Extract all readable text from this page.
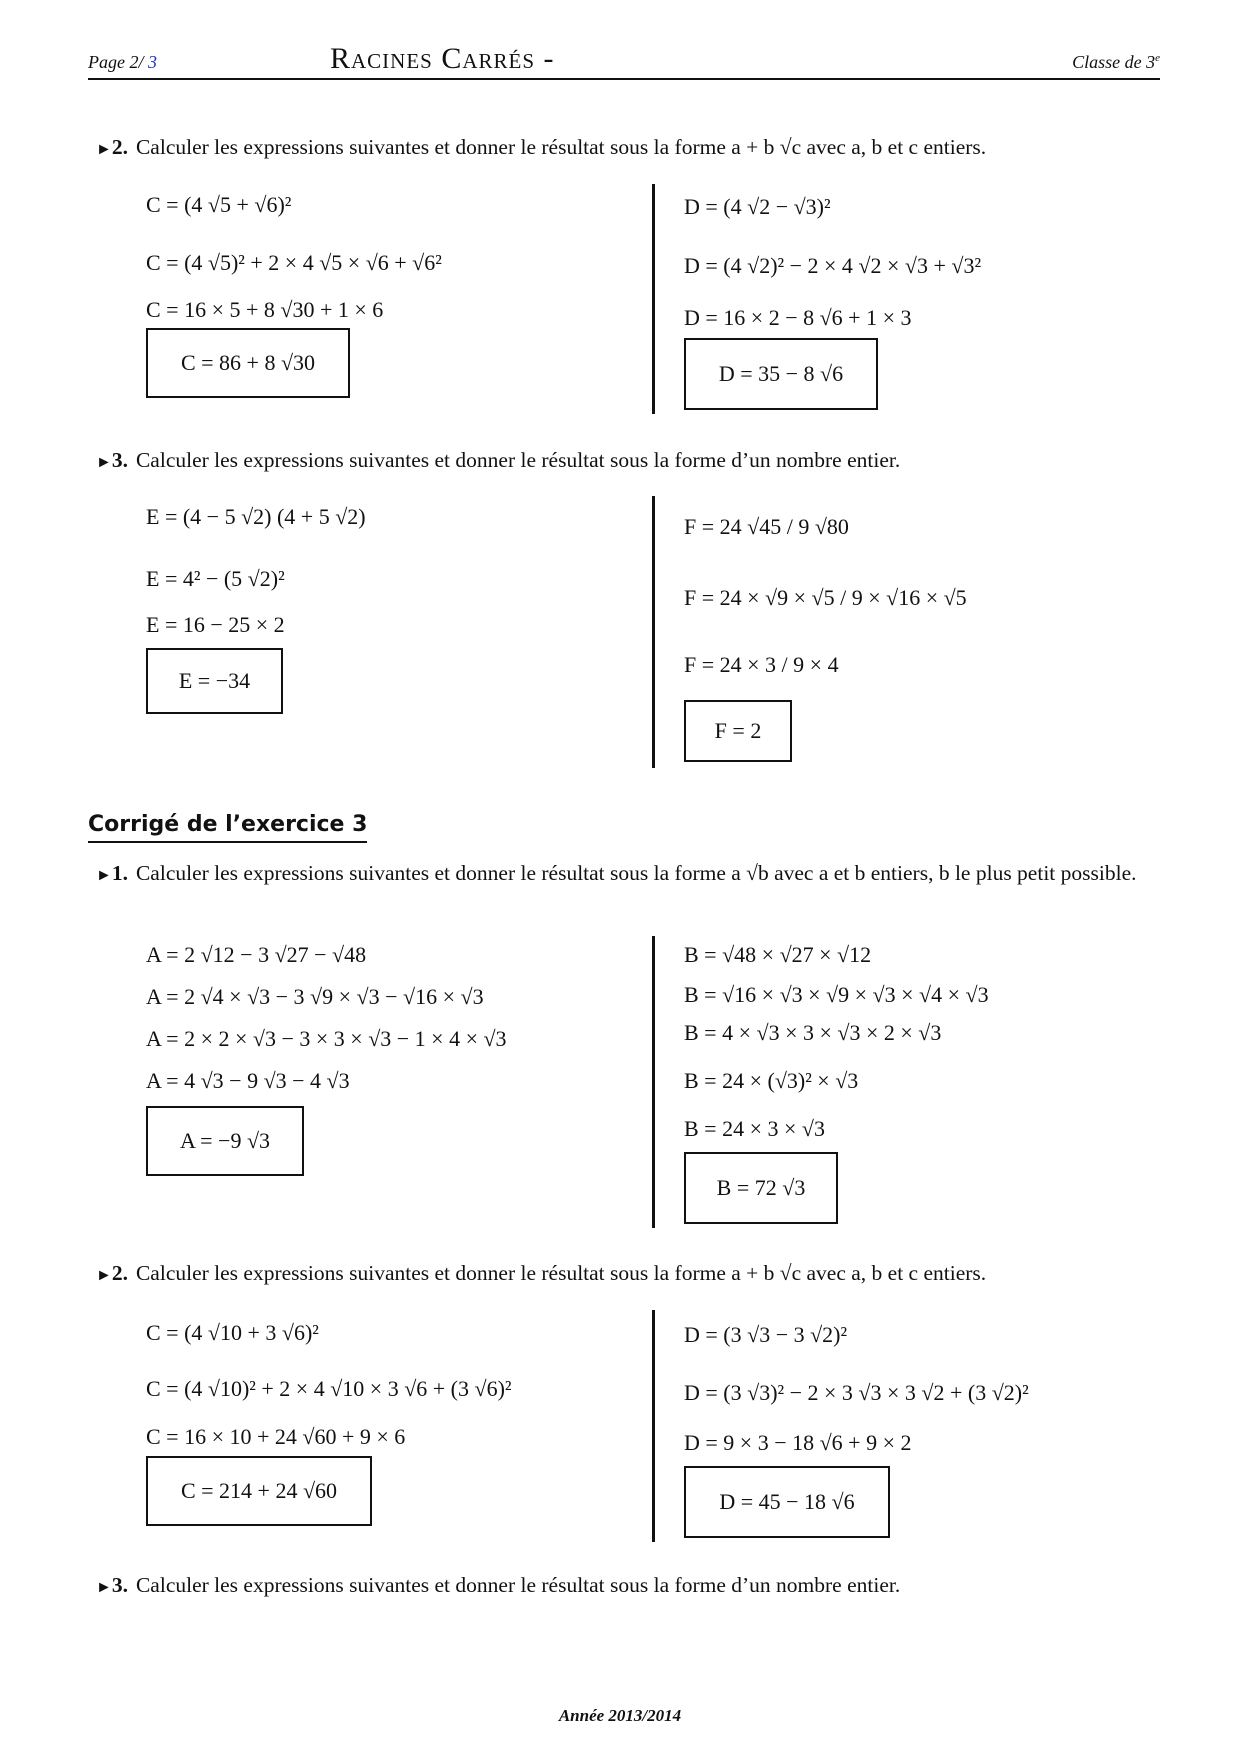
Page 2/ 3	Racines Carrés -	Classe de 3e
►2. Calculer les expressions suivantes et donner le résultat sous la forme a + b √c avec a, b et c entiers.
C = (4 √5 + √6)²
C = (4 √5)² + 2 × 4 √5 × √6 + √6²
C = 16 × 5 + 8 √30 + 1 × 6
C = 86 + 8 √30
D = (4 √2 − √3)²
D = (4 √2)² − 2 × 4 √2 × √3 + √3²
D = 16 × 2 − 8 √6 + 1 × 3
D = 35 − 8 √6
►3. Calculer les expressions suivantes et donner le résultat sous la forme d’un nombre entier.
E = (4 − 5 √2) (4 + 5 √2)
E = 4² − (5 √2)²
E = 16 − 25 × 2
E = −34
F = 24 √45 / 9 √80
F = 24 × √9 × √5 / 9 × √16 × √5
F = 24 × 3 / 9 × 4
F = 2
Corrigé de l’exercice 3
►1. Calculer les expressions suivantes et donner le résultat sous la forme a √b avec a et b entiers, b le plus petit possible.
A = 2 √12 − 3 √27 − √48
A = 2 √4 × √3 − 3 √9 × √3 − √16 × √3
A = 2 × 2 × √3 − 3 × 3 × √3 − 1 × 4 × √3
A = 4 √3 − 9 √3 − 4 √3
A = −9 √3
B = √48 × √27 × √12
B = √16 × √3 × √9 × √3 × √4 × √3
B = 4 × √3 × 3 × √3 × 2 × √3
B = 24 × (√3)² × √3
B = 24 × 3 × √3
B = 72 √3
►2. Calculer les expressions suivantes et donner le résultat sous la forme a + b √c avec a, b et c entiers.
C = (4 √10 + 3 √6)²
C = (4 √10)² + 2 × 4 √10 × 3 √6 + (3 √6)²
C = 16 × 10 + 24 √60 + 9 × 6
C = 214 + 24 √60
D = (3 √3 − 3 √2)²
D = (3 √3)² − 2 × 3 √3 × 3 √2 + (3 √2)²
D = 9 × 3 − 18 √6 + 9 × 2
D = 45 − 18 √6
►3. Calculer les expressions suivantes et donner le résultat sous la forme d’un nombre entier.
Année 2013/2014
